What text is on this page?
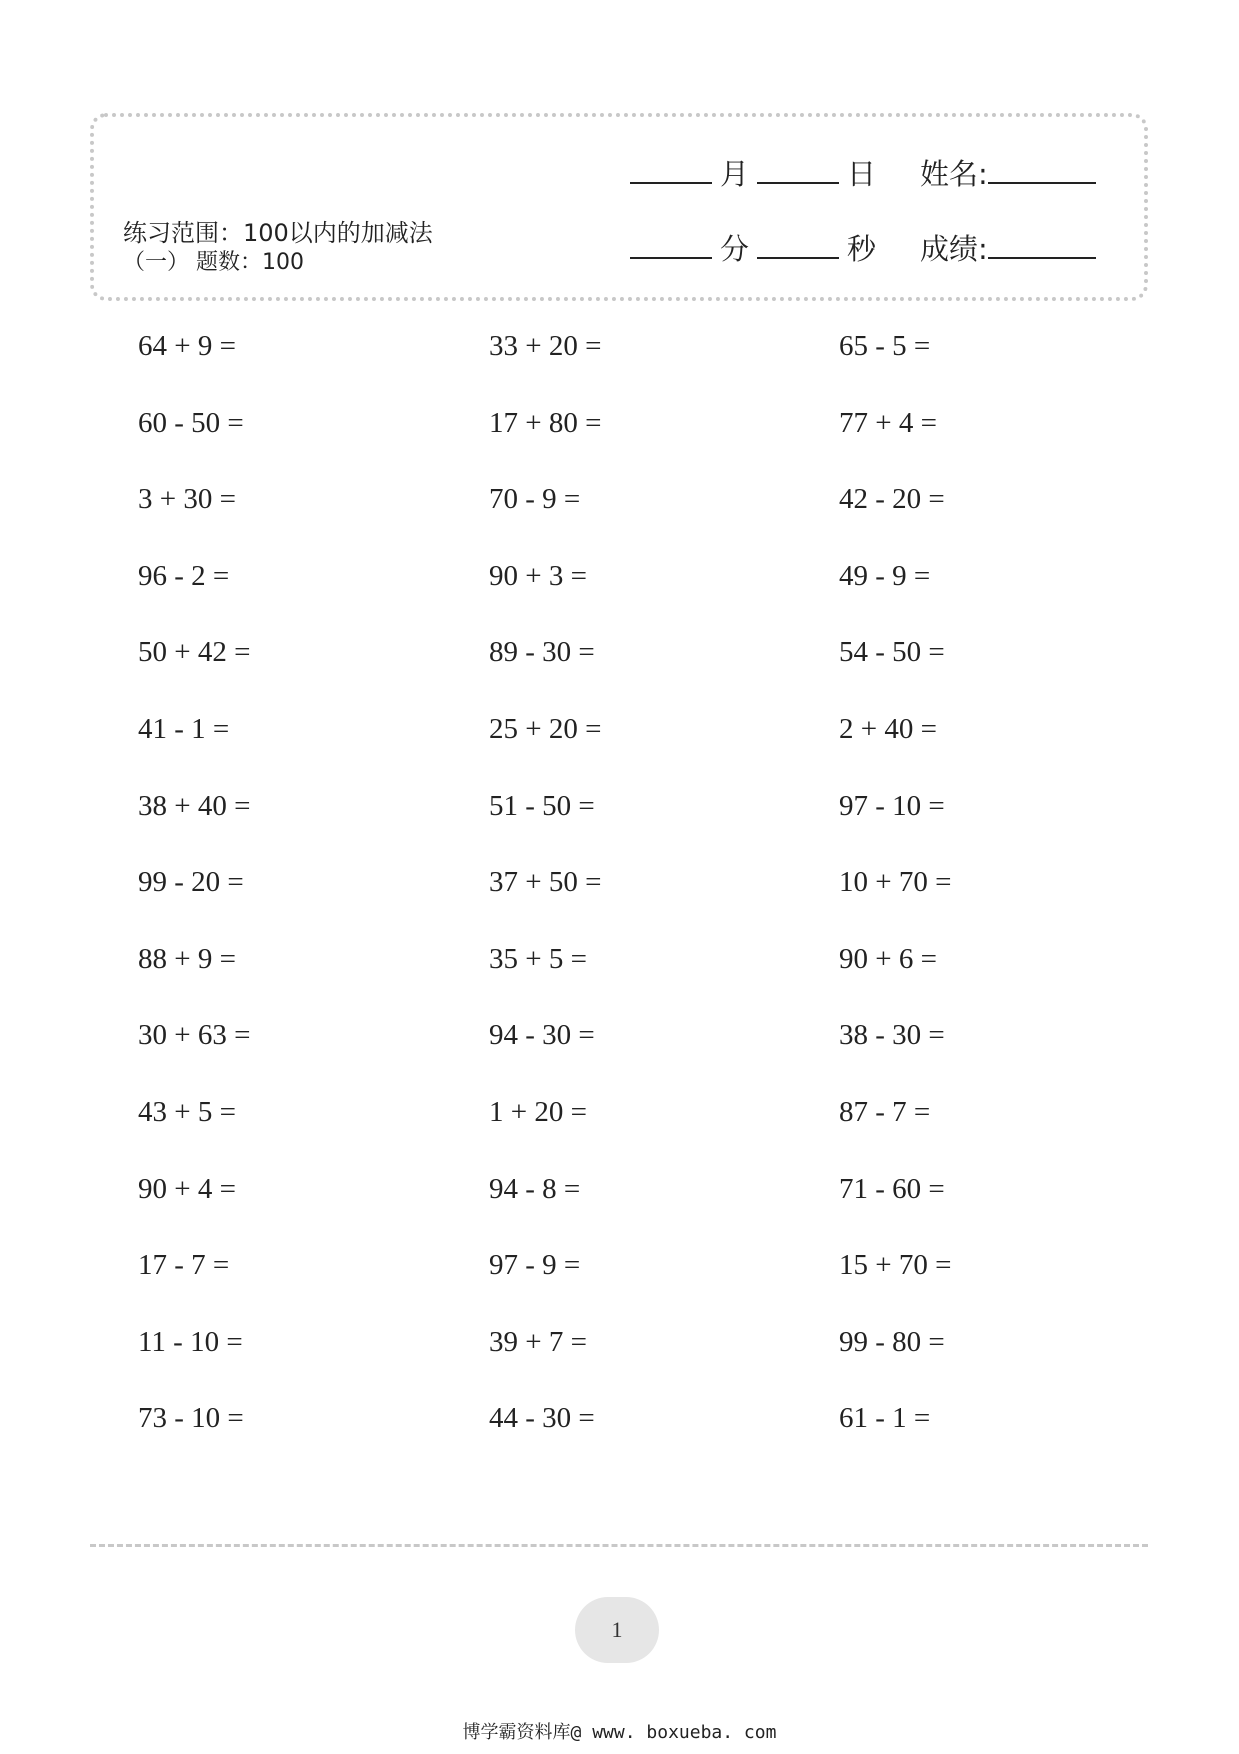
练习范围：100以内的加减法
（一） 题数：100
月	日 姓名:
分	秒 成绩:
64 + 9 =	33 + 20 =	65 - 5 =
60 - 50 =	17 + 80 =	77 + 4 =
3 + 30 =	70 - 9 =	42 - 20 =
96 - 2 =	90 + 3 =	49 - 9 =
50 + 42 =	89 - 30 =	54 - 50 =
41 - 1 =	25 + 20 =	2 + 40 =
38 + 40 =	51 - 50 =	97 - 10 =
99 - 20 =	37 + 50 =	10 + 70 =
88 + 9 =	35 + 5 =	90 + 6 =
30 + 63 =	94 - 30 =	38 - 30 =
43 + 5 =	1 + 20 =	87 - 7 =
90 + 4 =	94 - 8 =	71 - 60 =
17 - 7 =	97 - 9 =	15 + 70 =
11 - 10 =	39 + 7 =	99 - 80 =
73 - 10 =	44 - 30 =	61 - 1 =
1
博学霸资料库@ www. boxueba. com
